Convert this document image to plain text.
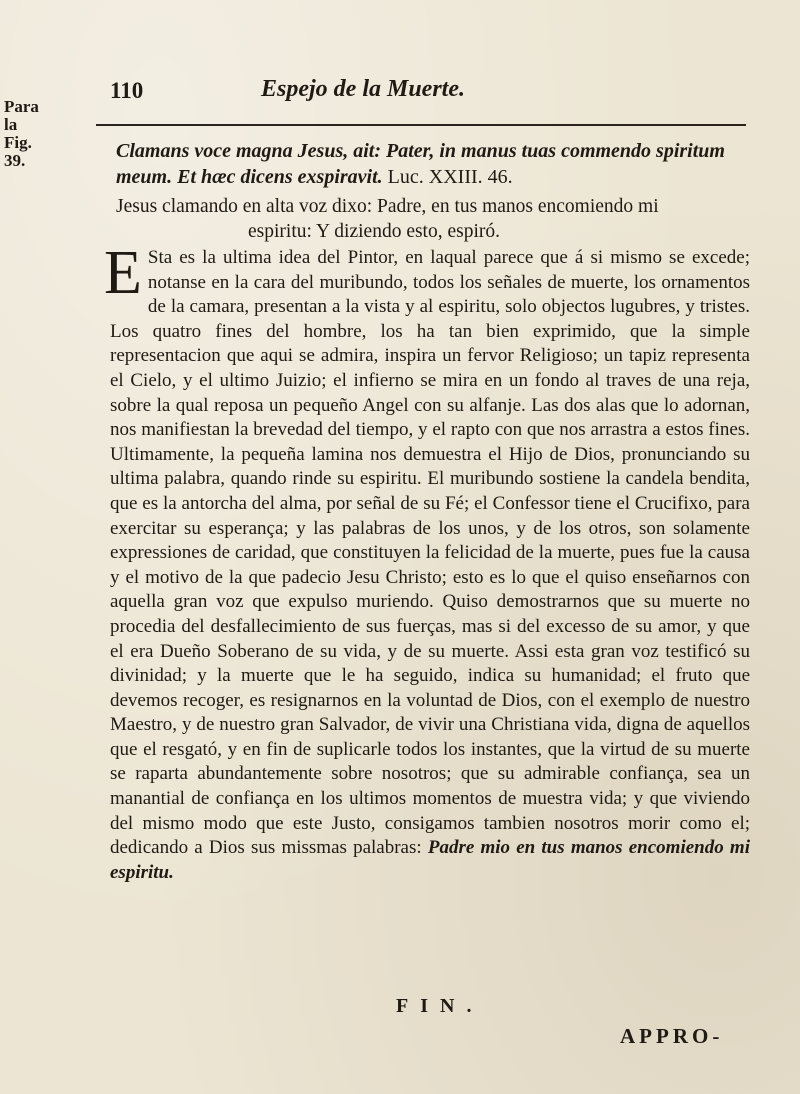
Para la
Fig. 39.
110	Espejo de la Muerte.

Clamans voce magna Jesus, ait: Pater, in manus tuas commendo spiritum meum. Et hæc dicens exspiravit. Luc. XXIII. 46.

Jesus clamando en alta voz dixo: Padre, en tus manos encomiendo mi
espiritu: Y diziendo esto, espiró.

E Sta es la ultima idea del Pintor, en laqual parece que á si mismo se excede; notanse en la cara del muribundo, todos los señales de muerte, los ornamentos de la camara, presentan a la vista y al espiritu, solo objectos lugubres, y tristes. Los quatro fines del hombre, los ha tan bien exprimido, que la simple representacion que aqui se admira, inspira un fervor Religioso; un tapiz representa el Cielo, y el ultimo Juizio; el infierno se mira en un fondo al traves de una reja, sobre la qual reposa un pequeño Angel con su alfanje. Las dos alas que lo adornan, nos manifiestan la brevedad del tiempo, y el rapto con que nos arrastra a estos fines. Ultimamente, la pequeña lamina nos demuestra el Hijo de Dios, pronunciando su ultima palabra, quando rinde su espiritu. El muribundo sostiene la candela bendita, que es la antorcha del alma, por señal de su Fé; el Confessor tiene el Crucifixo, para exercitar su esperança; y las palabras de los unos, y de los otros, son solamente expressiones de caridad, que constituyen la felicidad de la muerte, pues fue la causa y el motivo de la que padecio Jesu Christo; esto es lo que el quiso enseñarnos con aquella gran voz que expulso muriendo. Quiso demostrarnos que su muerte no procedia del desfallecimiento de sus fuerças, mas si del excesso de su amor, y que el era Dueño Soberano de su vida, y de su muerte. Assi esta gran voz testificó su divinidad; y la muerte que le ha seguido, indica su humanidad; el fruto que devemos recoger, es resignarnos en la voluntad de Dios, con el exemplo de nuestro Maestro, y de nuestro gran Salvador, de vivir una Christiana vida, digna de aquellos que el resgató, y en fin de suplicarle todos los instantes, que la virtud de su muerte se raparta abundantemente sobre nosotros; que su admirable confiança, sea un manantial de confiança en los ultimos momentos de muestra vida; y que viviendo del mismo modo que este Justo, consigamos tambien nosotros morir como el; dedicando a Dios sus missmas palabras: Padre mio en tus manos encomiendo mi espiritu.

FIN.
APPRO-
